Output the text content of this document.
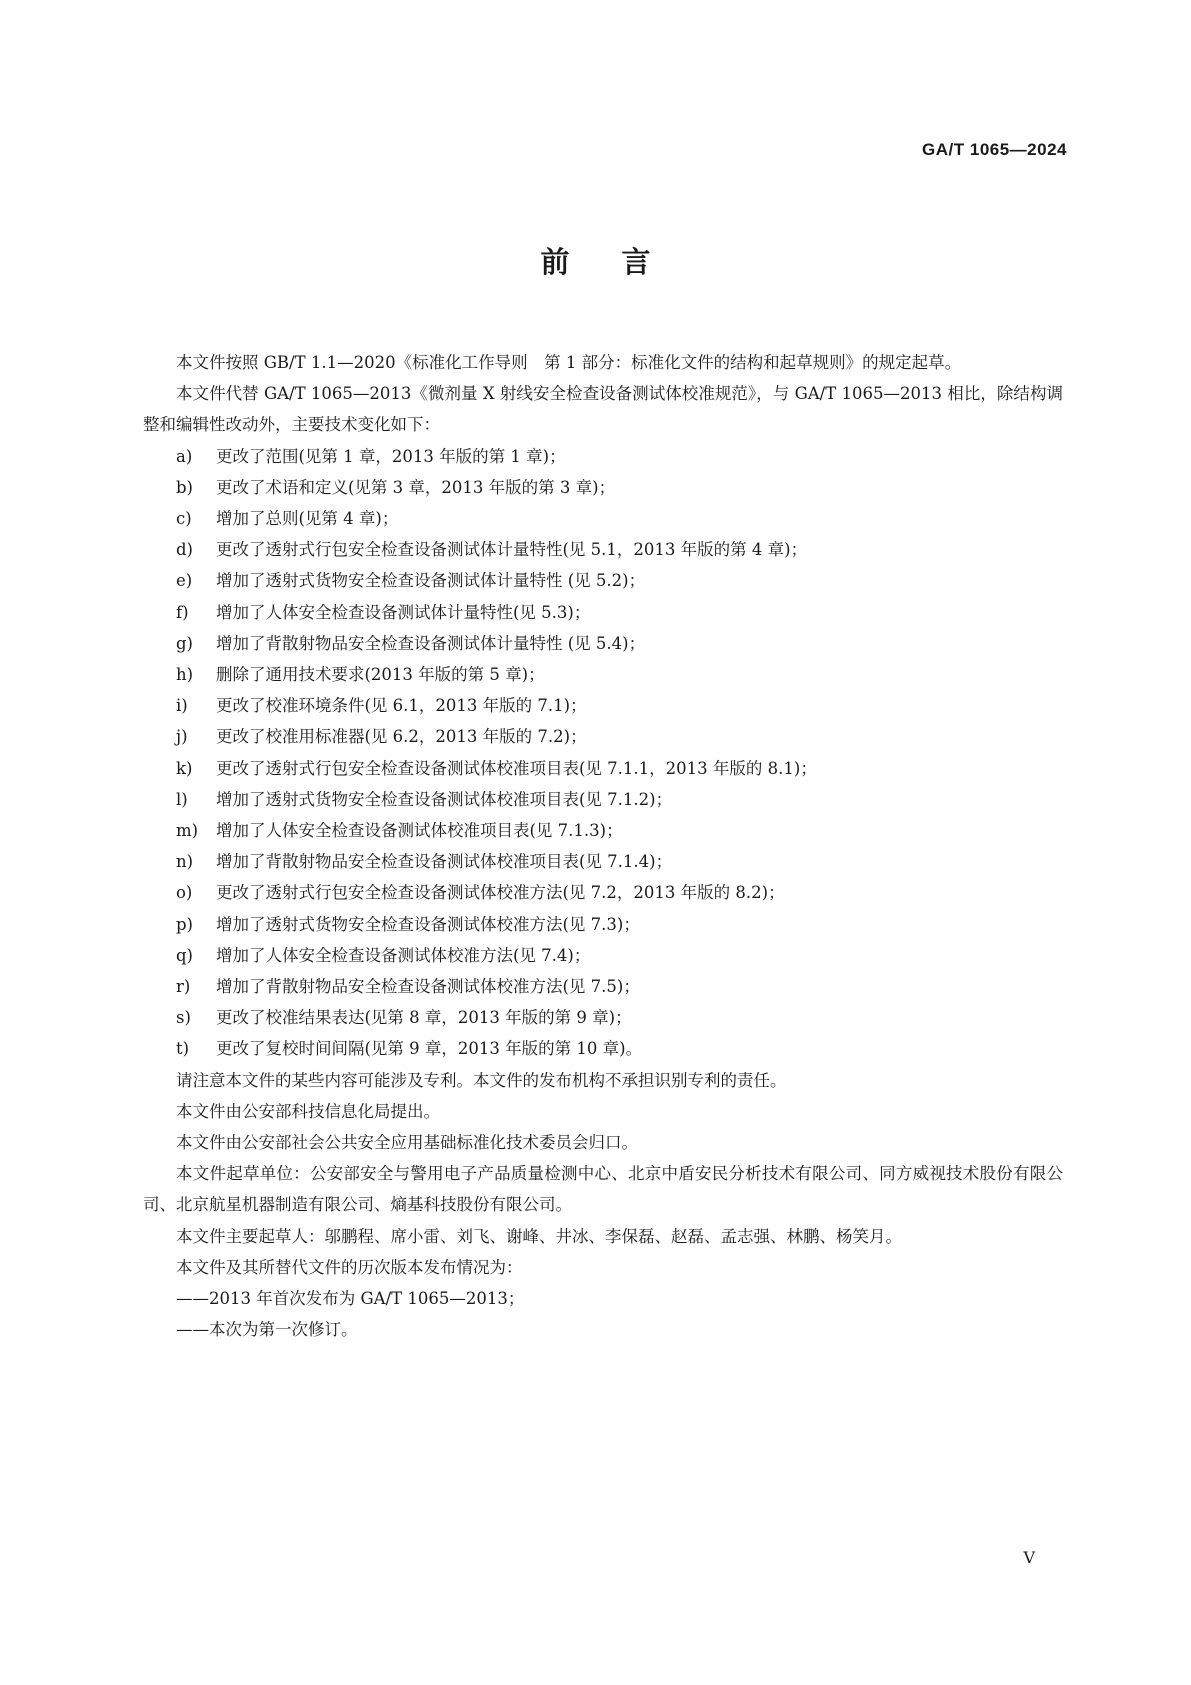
GA/T 1065—2024
前言

本文件按照 GB/T 1.1—2020《标准化工作导则　第 1 部分：标准化文件的结构和起草规则》的规定起草。

本文件代替 GA/T 1065—2013《微剂量 X 射线安全检查设备测试体校准规范》，与 GA/T 1065—2013 相比，除结构调整和编辑性改动外，主要技术变化如下：

a) 更改了范围(见第 1 章，2013 年版的第 1 章)；
b) 更改了术语和定义(见第 3 章，2013 年版的第 3 章)；
c) 增加了总则(见第 4 章)；
d) 更改了透射式行包安全检查设备测试体计量特性(见 5.1，2013 年版的第 4 章)；
e) 增加了透射式货物安全检查设备测试体计量特性 (见 5.2)；
f) 增加了人体安全检查设备测试体计量特性(见 5.3)；
g) 增加了背散射物品安全检查设备测试体计量特性 (见 5.4)；
h) 删除了通用技术要求(2013 年版的第 5 章)；
i) 更改了校准环境条件(见 6.1，2013 年版的 7.1)；
j) 更改了校准用标准器(见 6.2，2013 年版的 7.2)；
k) 更改了透射式行包安全检查设备测试体校准项目表(见 7.1.1，2013 年版的 8.1)；
l) 增加了透射式货物安全检查设备测试体校准项目表(见 7.1.2)；
m) 增加了人体安全检查设备测试体校准项目表(见 7.1.3)；
n) 增加了背散射物品安全检查设备测试体校准项目表(见 7.1.4)；
o) 更改了透射式行包安全检查设备测试体校准方法(见 7.2，2013 年版的 8.2)；
p) 增加了透射式货物安全检查设备测试体校准方法(见 7.3)；
q) 增加了人体安全检查设备测试体校准方法(见 7.4)；
r) 增加了背散射物品安全检查设备测试体校准方法(见 7.5)；
s) 更改了校准结果表达(见第 8 章，2013 年版的第 9 章)；
t) 更改了复校时间间隔(见第 9 章，2013 年版的第 10 章)。

请注意本文件的某些内容可能涉及专利。本文件的发布机构不承担识别专利的责任。

本文件由公安部科技信息化局提出。

本文件由公安部社会公共安全应用基础标准化技术委员会归口。

本文件起草单位：公安部安全与警用电子产品质量检测中心、北京中盾安民分析技术有限公司、同方威视技术股份有限公司、北京航星机器制造有限公司、熵基科技股份有限公司。

本文件主要起草人：邬鹏程、席小雷、刘飞、谢峰、井冰、李保磊、赵磊、孟志强、林鹏、杨笑月。

本文件及其所替代文件的历次版本发布情况为：

——2013 年首次发布为 GA/T 1065—2013；
——本次为第一次修订。
V
